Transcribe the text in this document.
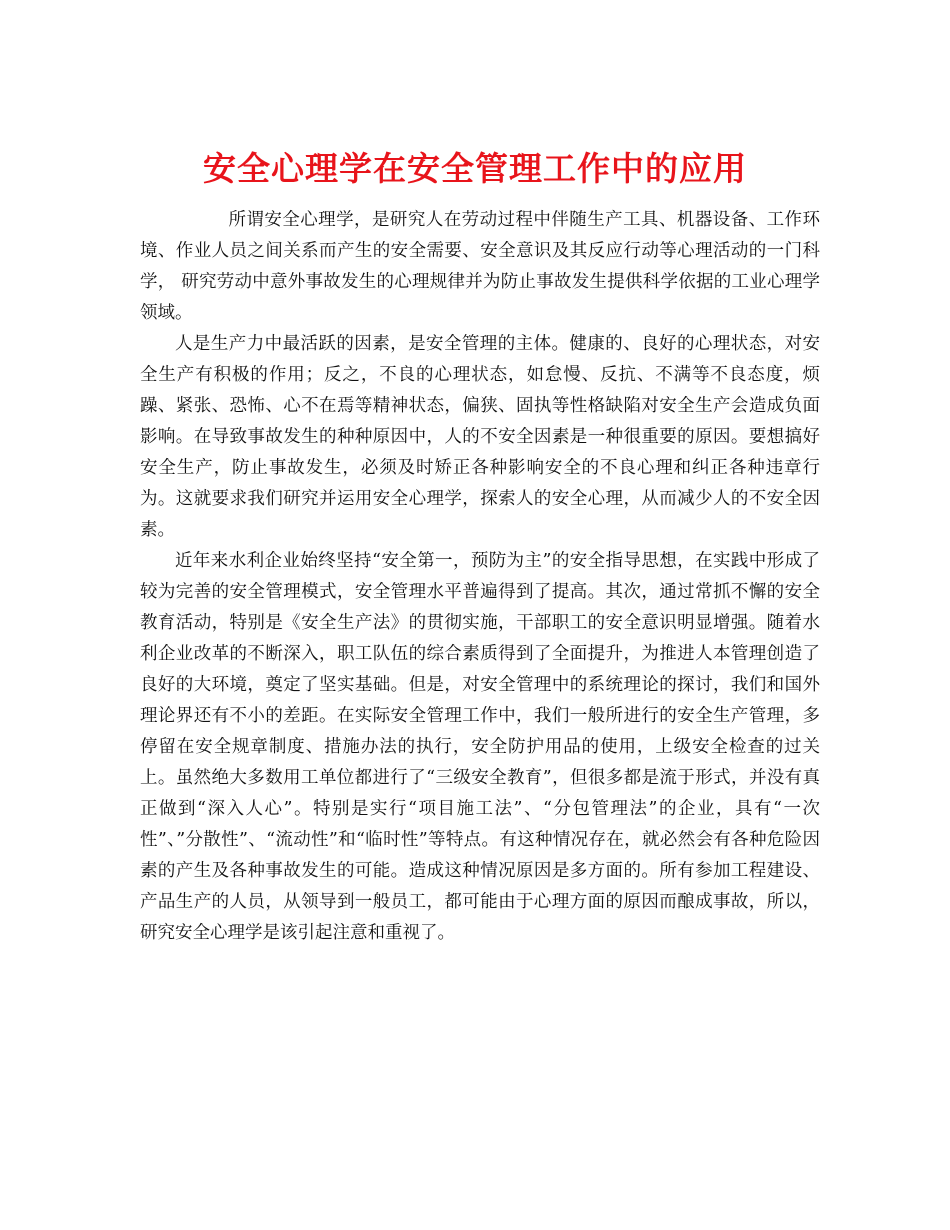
安全心理学在安全管理工作中的应用

所谓安全心理学，是研究人在劳动过程中伴随生产工具、机器设备、工作环境、作业人员之间关系而产生的安全需要、安全意识及其反应行动等心理活动的一门科学， 研究劳动中意外事故发生的心理规律并为防止事故发生提供科学依据的工业心理学领域。

人是生产力中最活跃的因素，是安全管理的主体。健康的、良好的心理状态，对安全生产有积极的作用；反之，不良的心理状态，如怠慢、反抗、不满等不良态度，烦躁、紧张、恐怖、心不在焉等精神状态，偏狭、固执等性格缺陷对安全生产会造成负面影响。在导致事故发生的种种原因中，人的不安全因素是一种很重要的原因。要想搞好安全生产，防止事故发生，必须及时矫正各种影响安全的不良心理和纠正各种违章行为。这就要求我们研究并运用安全心理学，探索人的安全心理，从而减少人的不安全因素。

近年来水利企业始终坚持“安全第一，预防为主”的安全指导思想，在实践中形成了较为完善的安全管理模式，安全管理水平普遍得到了提高。其次，通过常抓不懈的安全教育活动，特别是《安全生产法》的贯彻实施，干部职工的安全意识明显增强。随着水利企业改革的不断深入，职工队伍的综合素质得到了全面提升，为推进人本管理创造了良好的大环境，奠定了坚实基础。但是，对安全管理中的系统理论的探讨，我们和国外理论界还有不小的差距。在实际安全管理工作中，我们一般所进行的安全生产管理，多停留在安全规章制度、措施办法的执行，安全防护用品的使用，上级安全检查的过关上。虽然绝大多数用工单位都进行了“三级安全教育”，但很多都是流于形式，并没有真正做到“深入人心”。特别是实行“项目施工法”、“分包管理法”的企业，具有“一次性”、”分散性”、“流动性”和“临时性”等特点。有这种情况存在，就必然会有各种危险因素的产生及各种事故发生的可能。造成这种情况原因是多方面的。所有参加工程建设、产品生产的人员，从领导到一般员工，都可能由于心理方面的原因而酿成事故，所以，研究安全心理学是该引起注意和重视了。
